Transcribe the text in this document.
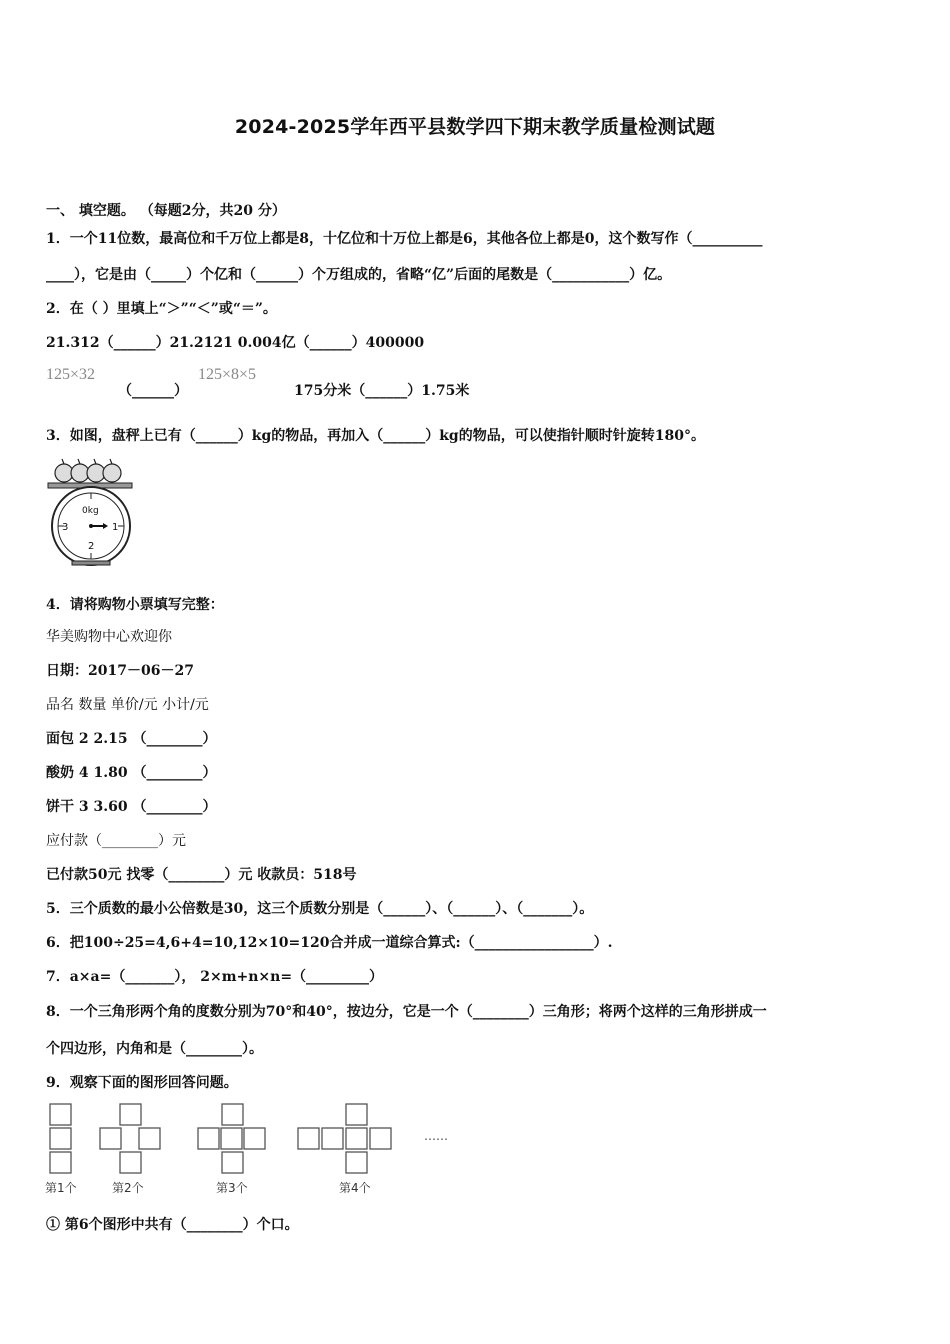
2024-2025学年西平县数学四下期末教学质量检测试题
一、 填空题。 （每题2分，共20 分）
1．一个11位数，最高位和千万位上都是8，十亿位和十万位上都是6，其他各位上都是0，这个数写作（__________
____），它是由（_____）个亿和（______）个万组成的，省略“亿”后面的尾数是（___________）亿。
2．在（ ）里填上“＞”“＜”或“＝”。
21.312（______）21.2121 0.004亿（______）400000
125×32
（______）
125×8×5
175分米（______）1.75米
3．如图，盘秤上已有（______）kg的物品，再加入（______）kg的物品，可以使指针顺时针旋转180°。
0kg
3	1
2
4．请将购物小票填写完整：
华美购物中心欢迎你
日期：2017－06－27
品名 数量 单价/元 小计/元
面包 2 2.15 （________）
酸奶 4 1.80 （________）
饼干 3 3.60 （________）
应付款（________）元
已付款50元 找零（________）元 收款员：518号
5．三个质数的最小公倍数是30，这三个质数分别是（______）、（______）、（_______）。
6．把100÷25=4,6+4=10,12×10=120合并成一道综合算式:（_________________）.
7．a×a=（_______）， 2×m+n×n=（_________）
8．一个三角形两个角的度数分别为70°和40°，按边分，它是一个（________）三角形；将两个这样的三角形拼成一
个四边形，内角和是（________）。
9．观察下面的图形回答问题。
……
第1个	第2个	第3个	第4个
① 第6个图形中共有（________）个口。
